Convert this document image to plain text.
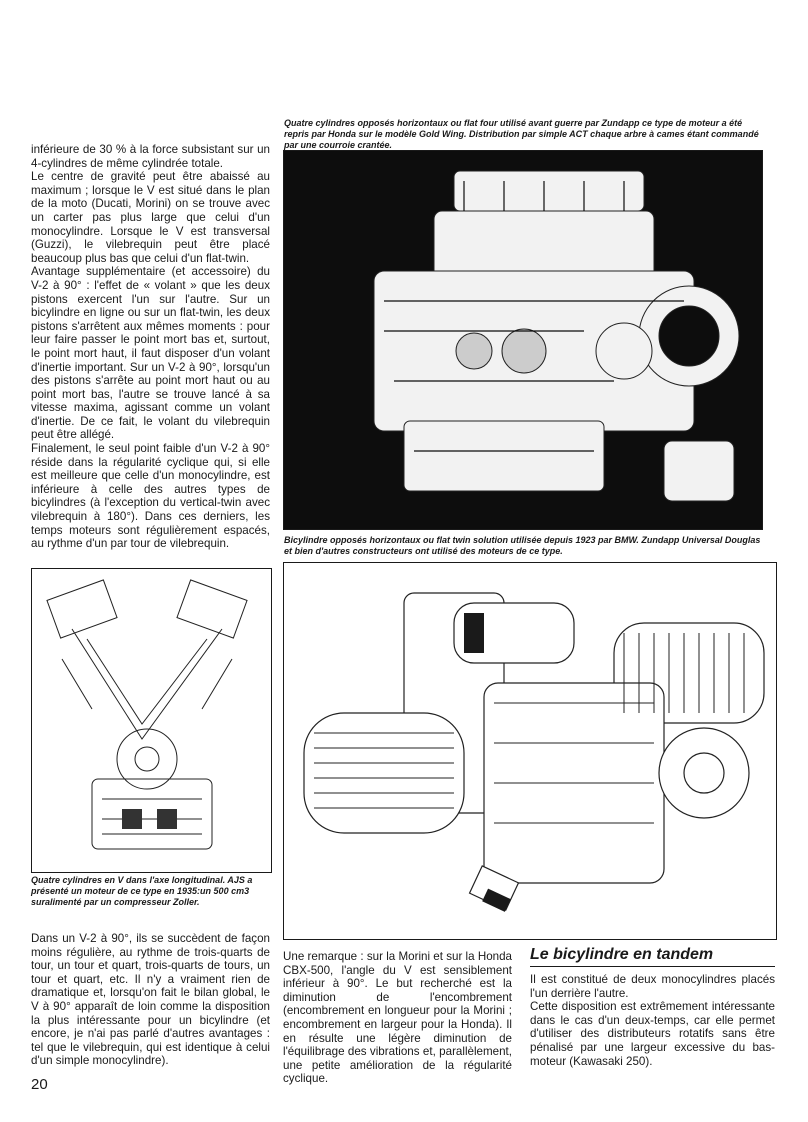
inférieure de 30 % à la force subsistant sur un 4-cylindres de même cylindrée totale.

Le centre de gravité peut être abaissé au maximum ; lorsque le V est situé dans le plan de la moto (Ducati, Morini) on se trouve avec un carter pas plus large que celui d'un monocylindre. Lorsque le V est transversal (Guzzi), le vilebrequin peut être placé beaucoup plus bas que celui d'un flat-twin.

Avantage supplémentaire (et accessoire) du V-2 à 90° : l'effet de « volant » que les deux pistons exercent l'un sur l'autre. Sur un bicylindre en ligne ou sur un flat-twin, les deux pistons s'arrêtent aux mêmes moments : pour leur faire passer le point mort bas et, surtout, le point mort haut, il faut disposer d'un volant d'inertie important. Sur un V-2 à 90°, lorsqu'un des pistons s'arrête au point mort haut ou au point mort bas, l'autre se trouve lancé à sa vitesse maxima, agissant comme un volant d'inertie. De ce fait, le volant du vilebrequin peut être allégé.

Finalement, le seul point faible d'un V-2 à 90° réside dans la régularité cyclique qui, si elle est meilleure que celle d'un monocylindre, est inférieure à celle des autres types de bicylindres (à l'exception du vertical-twin avec vilebrequin à 180°). Dans ces derniers, les temps moteurs sont régulièrement espacés, au rythme d'un par tour de vilebrequin.

Quatre cylindres opposés horizontaux ou flat four utilisé avant guerre par Zundapp ce type de moteur a été repris par Honda sur le modèle Gold Wing. Distribution par simple ACT chaque arbre à cames étant commandé par une courroie crantée.
Bicylindre opposés horizontaux ou flat twin solution utilisée depuis 1923 par BMW. Zundapp Universal Douglas et bien d'autres constructeurs ont utilisé des moteurs de ce type.
Quatre cylindres en V dans l'axe longitudinal. AJS a présenté un moteur de ce type en 1935:un 500 cm3 suralimenté par un compresseur Zoller.
Dans un V-2 à 90°, ils se succèdent de façon moins régulière, au rythme de trois-quarts de tour, un tour et quart, trois-quarts de tours, un tour et quart, etc. Il n'y a vraiment rien de dramatique et, lorsqu'on fait le bilan global, le V à 90° apparaît de loin comme la disposition la plus intéressante pour un bicylindre (et encore, je n'ai pas parlé d'autres avantages : tel que le vilebrequin, qui est identique à celui d'un simple monocylindre).
Une remarque : sur la Morini et sur la Honda CBX-500, l'angle du V est sensiblement inférieur à 90°. Le but recherché est la diminution de l'encombrement (encombrement en longueur pour la Morini ; encombrement en largeur pour la Honda). Il en résulte une légère diminution de l'équilibrage des vibrations et, parallèlement, une petite amélioration de la régularité cyclique.
Le bicylindre en tandem

Il est constitué de deux monocylindres placés l'un derrière l'autre.

Cette disposition est extrêmement intéressante dans le cas d'un deux-temps, car elle permet d'utiliser des distributeurs rotatifs sans être pénalisé par une largeur excessive du bas-moteur (Kawasaki 250).

20
